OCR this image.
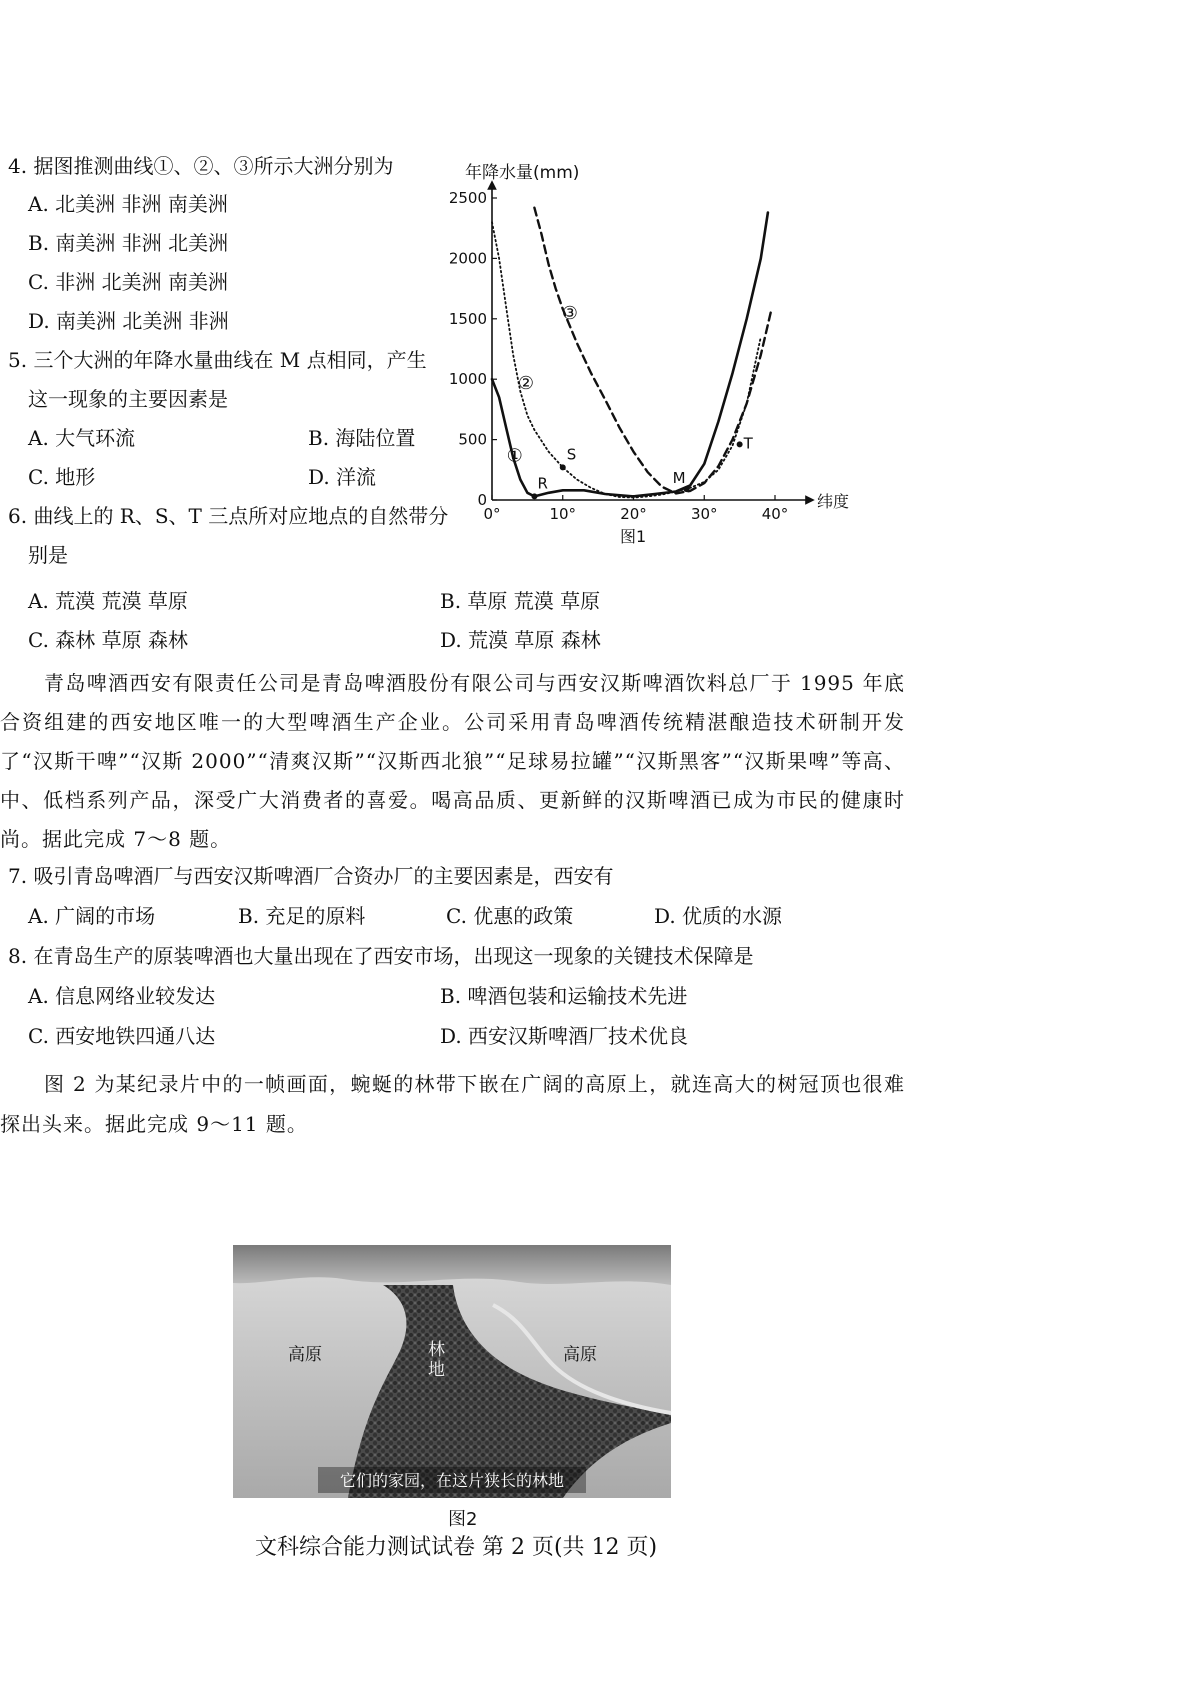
4. 据图推测曲线①、②、③所示大洲分别为
A. 北美洲 非洲 南美洲
B. 南美洲 非洲 北美洲
C. 非洲 北美洲 南美洲
D. 南美洲 北美洲 非洲
5. 三个大洲的年降水量曲线在 M 点相同，产生
这一现象的主要因素是
A. 大气环流	B. 海陆位置
C. 地形	D. 洋流
6. 曲线上的 R、S、T 三点所对应地点的自然带分
别是
A. 荒漠 荒漠 草原	B. 草原 荒漠 草原
C. 森林 草原 森林	D. 荒漠 草原 森林
青岛啤酒西安有限责任公司是青岛啤酒股份有限公司与西安汉斯啤酒饮料总厂于 1995 年底合资组建的西安地区唯一的大型啤酒生产企业。公司采用青岛啤酒传统精湛酿造技术研制开发了“汉斯干啤”“汉斯 2000”“清爽汉斯”“汉斯西北狼”“足球易拉罐”“汉斯黑客”“汉斯果啤”等高、中、低档系列产品，深受广大消费者的喜爱。喝高品质、更新鲜的汉斯啤酒已成为市民的健康时尚。据此完成 7～8 题。
7. 吸引青岛啤酒厂与西安汉斯啤酒厂合资办厂的主要因素是，西安有
A. 广阔的市场	B. 充足的原料	C. 优惠的政策	D. 优质的水源
8. 在青岛生产的原装啤酒也大量出现在了西安市场，出现这一现象的关键技术保障是
A. 信息网络业较发达	B. 啤酒包装和运输技术先进
C. 西安地铁四通八达	D. 西安汉斯啤酒厂技术优良
图 2 为某纪录片中的一帧画面，蜿蜒的林带下嵌在广阔的高原上，就连高大的树冠顶也很难探出头来。据此完成 9～11 题。
年降水量(mm)
纬度
0
500
1000
1500
2000
2500
0°	10°	20°	30°	40°
R
S
M
T
①
②
③
图1
高原	林 地
高原
它们的家园，在这片狭长的林地
图2
文科综合能力测试试卷 第 2 页(共 12 页)
